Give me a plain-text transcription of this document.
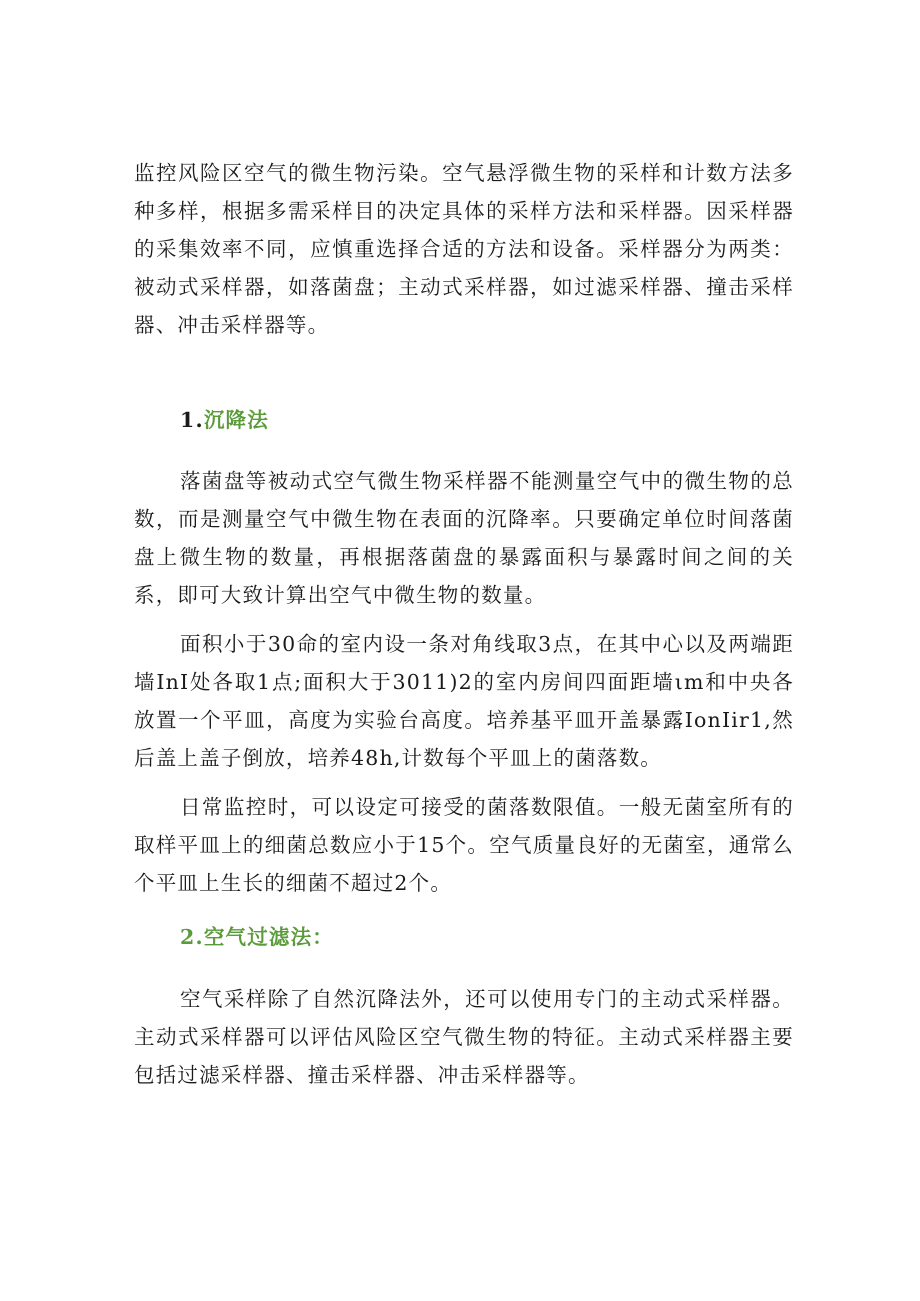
监控风险区空气的微生物污染。空气悬浮微生物的采样和计数方法多种多样，根据多需采样目的决定具体的采样方法和采样器。因采样器的采集效率不同，应慎重选择合适的方法和设备。采样器分为两类：被动式采样器，如落菌盘；主动式采样器，如过滤采样器、撞击采样器、冲击采样器等。

1.沉降法

落菌盘等被动式空气微生物采样器不能测量空气中的微生物的总数，而是测量空气中微生物在表面的沉降率。只要确定单位时间落菌盘上微生物的数量，再根据落菌盘的暴露面积与暴露时间之间的关系，即可大致计算出空气中微生物的数量。

面积小于30命的室内设一条对角线取3点，在其中心以及两端距墙InI处各取1点;面积大于3011)2的室内房间四面距墙ιm和中央各放置一个平皿，高度为实验台高度。培养基平皿开盖暴露IonIir1,然后盖上盖子倒放，培养48h,计数每个平皿上的菌落数。

日常监控时，可以设定可接受的菌落数限值。一般无菌室所有的取样平皿上的细菌总数应小于15个。空气质量良好的无菌室，通常么个平皿上生长的细菌不超过2个。

2.空气过滤法：

空气采样除了自然沉降法外，还可以使用专门的主动式采样器。主动式采样器可以评估风险区空气微生物的特征。主动式采样器主要包括过滤采样器、撞击采样器、冲击采样器等。
